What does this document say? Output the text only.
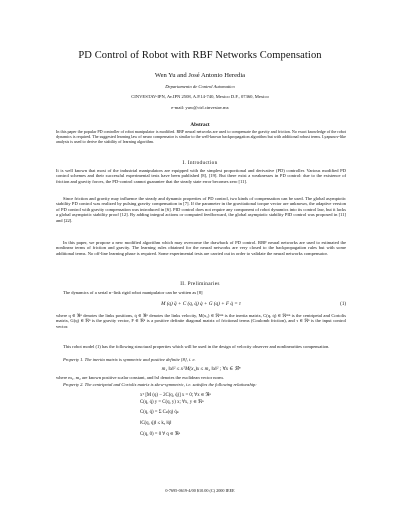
PD Control of Robot with RBF Networks Compensation
Wen Yu and José Antonio Heredia
Departamento de Control Automatico
CINVESTAV-IPN, Av.IPN 2508, A.P.14-740, Mexico D.F., 07360, Mexico
e-mail: yuw@ctrl.cinvestav.mx
Abstract
In this paper the popular PD controller of robot manipulator is modified. RBF neural networks are used to compensate the gravity and friction. No exact knowledge of the robot dynamics is required. The suggested learning law of neuro compensator is similar to the well-known backpropagation algorithm but with additional robust terms. Lyapunov-like analysis is used to derive the stability of learning algorithm.
I. Introduction
It is well known that most of the industrial manipulators are equipped with the simplest proportional and derivative (PD) controller. Various modified PD control schemes and their successful experimental tests have been published [8], [19]. But there exist a weaknesses in PD control: due to the existence of friction and gravity forces, the PD-control cannot guarantee that the steady state error becomes zero [11].
Since friction and gravity may influence the steady and dynamic properties of PD control, two kinds of compensation can be used. The global asymptotic stability PD control was realized by pulsing gravity compensation in [7]. If the parameter in the gravitational torque vector are unknown, the adaptive version of PD control with gravity compensation was introduced in [6]. PID control does not require any component of robot dynamics into its control law, but it lacks a global asymptotic stability proof [12]. By adding integral actions or computed feedforward, the global asymptotic stability PID control was proposed in [11] and [22].
In this paper, we propose a new modified algorithm which may overcome the drawback of PD control. RBF neural networks are used to estimated the nonlinear terms of friction and gravity. The learning rules obtained for the neural networks are very closed to the backpropagation rules but with some additional terms. No off-line learning phase is required. Some experimental tests are carried out in order to validate the neural networks compensator.
II. Preliminaries
The dynamics of a serial n−link rigid robot manipulator can be written as [8]
M (q) q̈ + C (q, q̇) q̇ + G (q) + F q̇ = τ	(1)
where q ∈ ℜⁿ denotes the links positions, q̇ ∈ ℜⁿ denotes the links velocity, M(x₁) ∈ ℜⁿˣⁿ is the inertia matrix, C(q, q̇) ∈ ℜⁿˣⁿ is the centripetal and Coriolis matrix, G(q) ∈ ℜⁿ is the gravity vector, F ∈ ℜⁿ is a positive definite diagonal matrix of frictional terms (Coulomb friction), and τ ∈ ℜⁿ is the input control vector.
This robot model (1) has the following structural properties which will be used in the design of velocity observer and nonlinearities compensation.
Property 1. The inertia matrix is symmetric and positive definite [8], i. e.
m₁ ‖x‖² ≤ xᵀM(x₁)x ≤ m₂ ‖x‖² ; ∀x ∈ ℜⁿ
where m₁, m₂ are known positive scalar constant, and ‖x‖ denotes the euclidean vector norm.
Property 2. The centripetal and Coriolis matrix is skew-symmetric, i.e. satisfies the following relationship:
xᵀ [M (q) − 2C(q, q̇)] x = 0; ∀x ∈ ℜⁿ
C(q, q̇) y = C(q, y) x; ∀x, y ∈ ℜⁿ
C(q, q̇) = Σ Cₖ(q) q̇ₖ
‖C(q, q̇)‖ ≤ kₓ ‖q̇‖
C(q, 0) = 0 ∀ q ∈ ℜⁿ
0-7695-0619-4/00 $10.00 (C) 2000 IEEE
